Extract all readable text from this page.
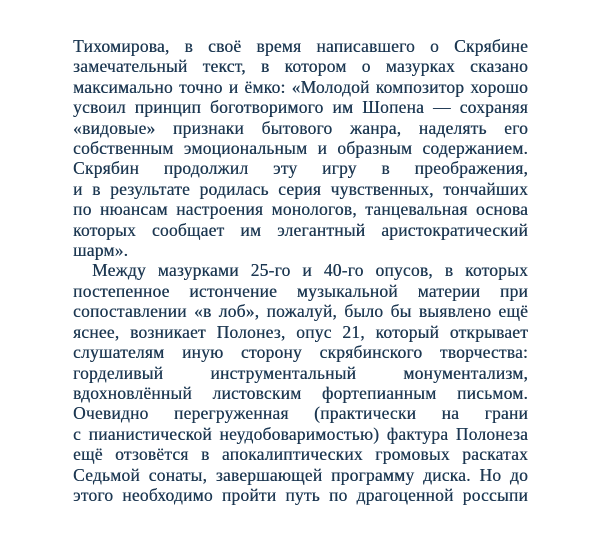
Тихомирова, в своё время написавшего о Скрябине
замечательный текст, в котором о мазурках сказано
максимально точно и ёмко: «Молодой композитор хорошо
усвоил принцип боготворимого им Шопена — сохраняя
«видовые» признаки бытового жанра, наделять его
собственным эмоциональным и образным содержанием.
Скрябин продолжил эту игру в преображения,
и в результате родилась серия чувственных, тончайших
по нюансам настроения монологов, танцевальная основа
которых сообщает им элегантный аристократический
шарм».
Между мазурками 25-го и 40-го опусов, в которых
постепенное истончение музыкальной материи при
сопоставлении «в лоб», пожалуй, было бы выявлено ещё
яснее, возникает Полонез, опус 21, который открывает
слушателям иную сторону скрябинского творчества:
горделивый инструментальный монументализм,
вдохновлённый листовским фортепианным письмом.
Очевидно перегруженная (практически на грани
с пианистической неудобоваримостью) фактура Полонеза
ещё отзовётся в апокалиптических громовых раскатах
Седьмой сонаты, завершающей программу диска. Но до
этого необходимо пройти путь по драгоценной россыпи
